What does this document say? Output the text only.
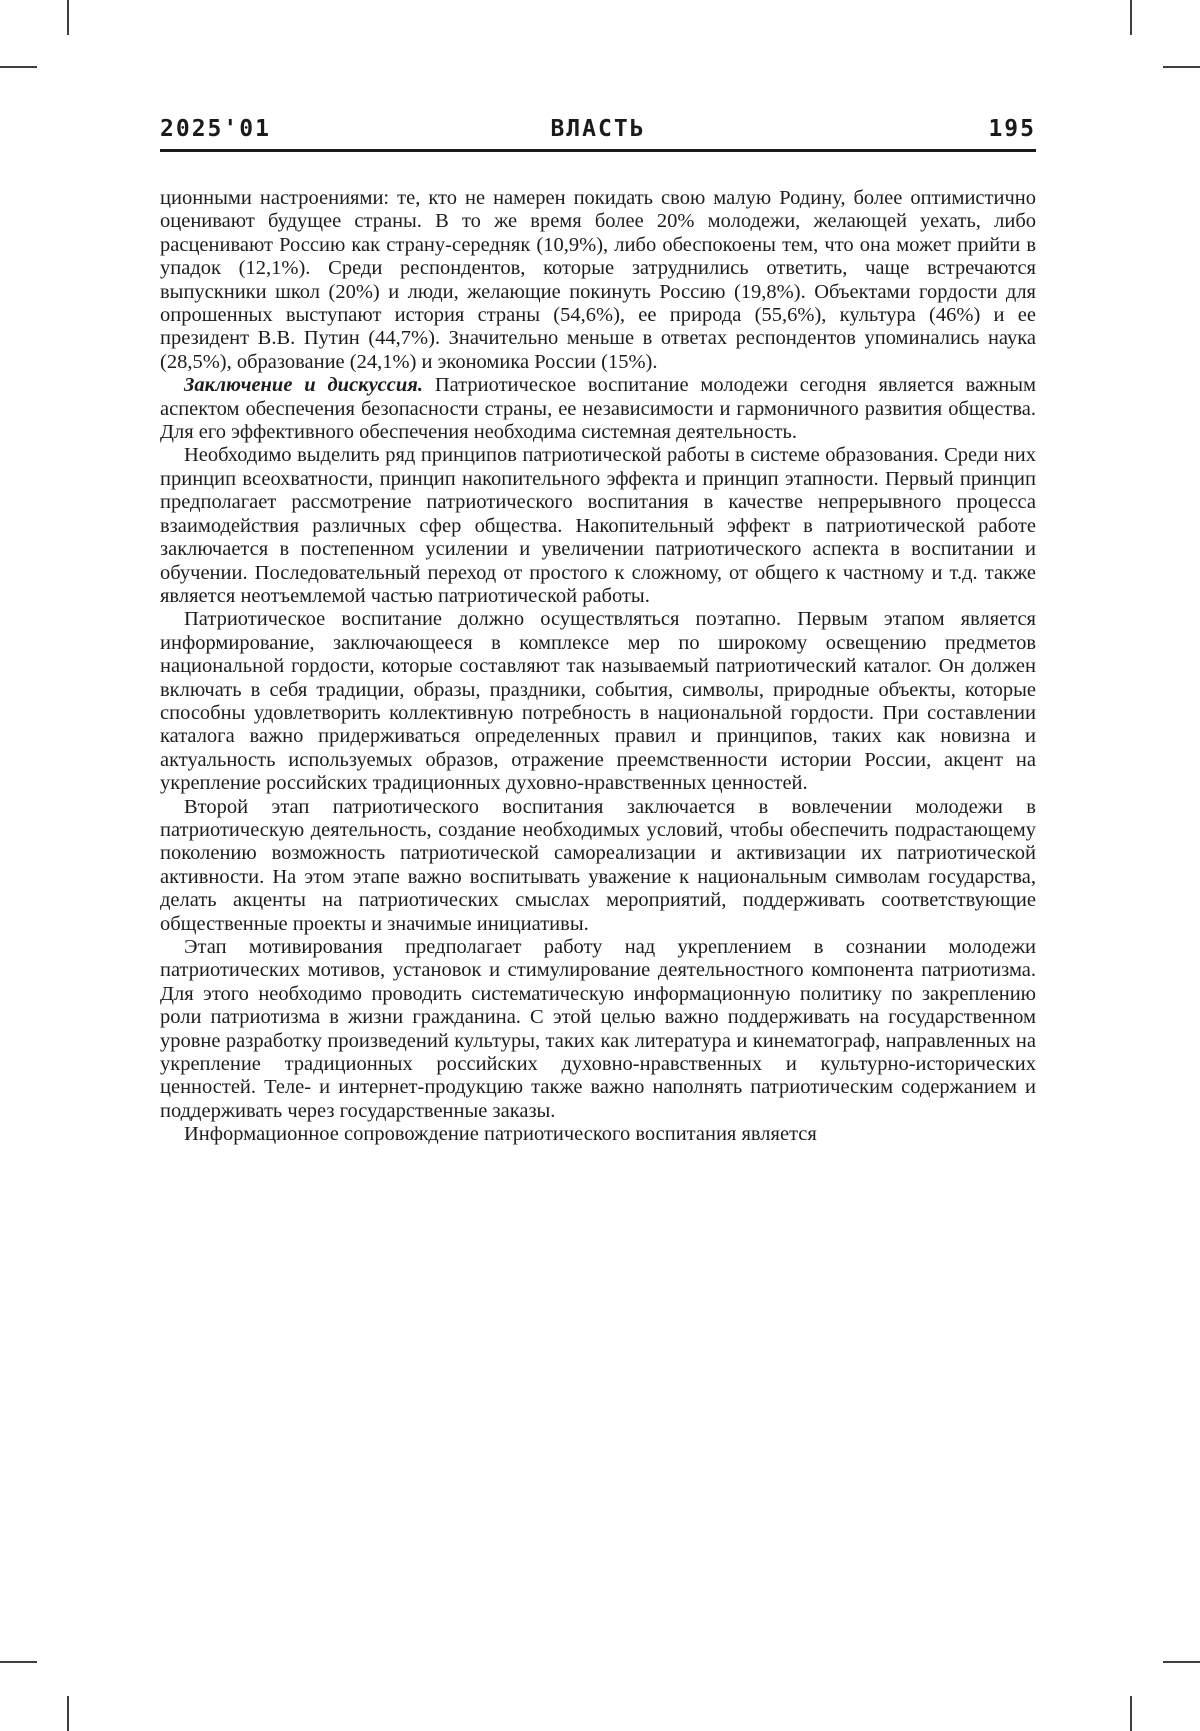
2025'01	ВЛАСТЬ	195

ционными настроениями: те, кто не намерен покидать свою малую Родину, более оптимистично оценивают будущее страны. В то же время более 20% молодежи, желающей уехать, либо расценивают Россию как страну-середняк (10,9%), либо обеспокоены тем, что она может прийти в упадок (12,1%). Среди респондентов, которые затруднились ответить, чаще встречаются выпускники школ (20%) и люди, желающие покинуть Россию (19,8%). Объектами гордости для опрошенных выступают история страны (54,6%), ее природа (55,6%), культура (46%) и ее президент В.В. Путин (44,7%). Значительно меньше в ответах респондентов упоминались наука (28,5%), образование (24,1%) и экономика России (15%).

Заключение и дискуссия. Патриотическое воспитание молодежи сегодня является важным аспектом обеспечения безопасности страны, ее независимости и гармоничного развития общества. Для его эффективного обеспечения необходима системная деятельность.

Необходимо выделить ряд принципов патриотической работы в системе образования. Среди них принцип всеохватности, принцип накопительного эффекта и принцип этапности. Первый принцип предполагает рассмотрение патриотического воспитания в качестве непрерывного процесса взаимодействия различных сфер общества. Накопительный эффект в патриотической работе заключается в постепенном усилении и увеличении патриотического аспекта в воспитании и обучении. Последовательный переход от простого к сложному, от общего к частному и т.д. также является неотъемлемой частью патриотической работы.

Патриотическое воспитание должно осуществляться поэтапно. Первым этапом является информирование, заключающееся в комплексе мер по широкому освещению предметов национальной гордости, которые составляют так называемый патриотический каталог. Он должен включать в себя традиции, образы, праздники, события, символы, природные объекты, которые способны удовлетворить коллективную потребность в национальной гордости. При составлении каталога важно придерживаться определенных правил и принципов, таких как новизна и актуальность используемых образов, отражение преемственности истории России, акцент на укрепление российских традиционных духовно-нравственных ценностей.

Второй этап патриотического воспитания заключается в вовлечении молодежи в патриотическую деятельность, создание необходимых условий, чтобы обеспечить подрастающему поколению возможность патриотической самореализации и активизации их патриотической активности. На этом этапе важно воспитывать уважение к национальным символам государства, делать акценты на патриотических смыслах мероприятий, поддерживать соответствующие общественные проекты и значимые инициативы.

Этап мотивирования предполагает работу над укреплением в сознании молодежи патриотических мотивов, установок и стимулирование деятельностного компонента патриотизма. Для этого необходимо проводить систематическую информационную политику по закреплению роли патриотизма в жизни гражданина. С этой целью важно поддерживать на государственном уровне разработку произведений культуры, таких как литература и кинематограф, направленных на укрепление традиционных российских духовно-нравственных и культурно-исторических ценностей. Теле- и интернет-продукцию также важно наполнять патриотическим содержанием и поддерживать через государственные заказы.

Информационное сопровождение патриотического воспитания является
